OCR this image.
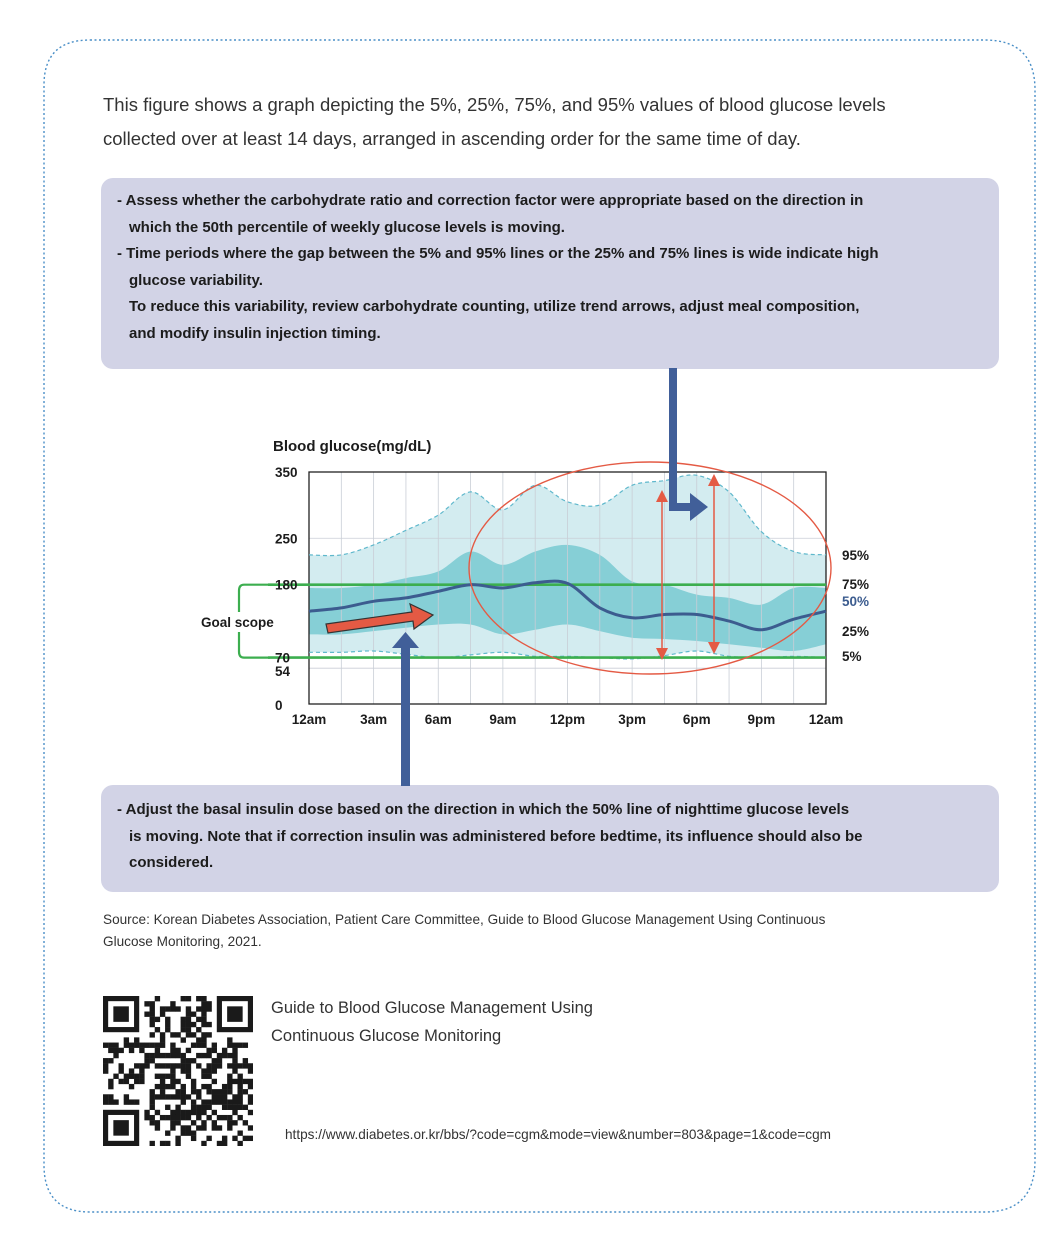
This figure shows a graph depicting the 5%, 25%, 75%, and 95% values of blood glucose levels
collected over at least 14 days, arranged in ascending order for the same time of day.
- Assess whether the carbohydrate ratio and correction factor were appropriate based on the direction in
which the 50th percentile of weekly glucose levels is moving.
- Time periods where the gap between the 5% and 95% lines or the 25% and 75% lines is wide indicate high
glucose variability.
To reduce this variability, review carbohydrate counting, utilize trend arrows, adjust meal composition,
and modify insulin injection timing.
- Adjust the basal insulin dose based on the direction in which the 50% line of nighttime glucose levels
is moving. Note that if correction insulin was administered before bedtime, its influence should also be
considered.
Blood glucose(mg/dL)
0
54
70
180
250
350
12am	3am	6am	9am 12pm 3pm	6pm	9pm 12am
95%
75%
50%
25%
5%
Goal scope
Source: Korean Diabetes Association, Patient Care Committee, Guide to Blood Glucose Management Using Continuous
Glucose Monitoring, 2021.
Guide to Blood Glucose Management Using
Continuous Glucose Monitoring
https://www.diabetes.or.kr/bbs/?code=cgm&mode=view&number=803&page=1&code=cgm
